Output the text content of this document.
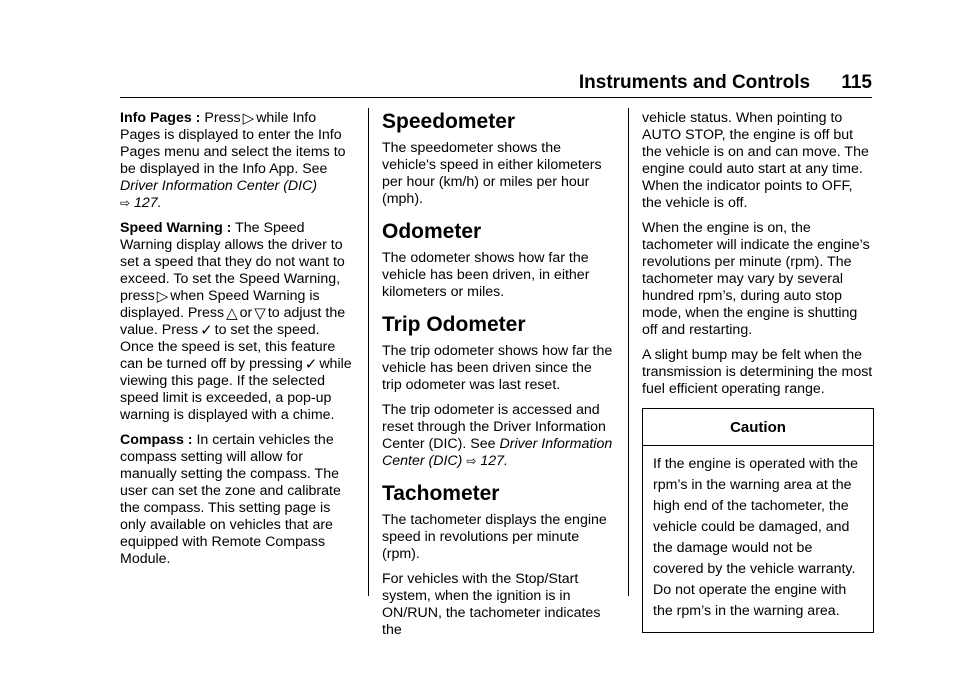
Instruments and Controls 115

Info Pages : Press ▷ while Info Pages is displayed to enter the Info Pages menu and select the items to be displayed in the Info App. See
Driver Information Center (DIC)
⇨ 127.

Speed Warning : The Speed Warning display allows the driver to set a speed that they do not want to exceed. To set the Speed Warning, press ▷ when Speed Warning is displayed. Press △ or ▽ to adjust the value. Press ✓ to set the speed. Once the speed is set, this feature can be turned off by pressing ✓ while viewing this page. If the selected speed limit is exceeded, a pop-up warning is displayed with a chime.

Compass : In certain vehicles the compass setting will allow for manually setting the compass. The user can set the zone and calibrate the compass. This setting page is only available on vehicles that are equipped with Remote Compass Module.

Speedometer

The speedometer shows the vehicle's speed in either kilometers per hour (km/h) or miles per hour (mph).

Odometer

The odometer shows how far the vehicle has been driven, in either kilometers or miles.

Trip Odometer

The trip odometer shows how far the vehicle has been driven since the trip odometer was last reset.

The trip odometer is accessed and reset through the Driver Information Center (DIC). See Driver Information Center (DIC) ⇨ 127.

Tachometer

The tachometer displays the engine speed in revolutions per minute (rpm).

For vehicles with the Stop/Start system, when the ignition is in ON/RUN, the tachometer indicates the

vehicle status. When pointing to AUTO STOP, the engine is off but the vehicle is on and can move. The engine could auto start at any time. When the indicator points to OFF, the vehicle is off.

When the engine is on, the tachometer will indicate the engine’s revolutions per minute (rpm). The tachometer may vary by several hundred rpm’s, during auto stop mode, when the engine is shutting off and restarting.

A slight bump may be felt when the transmission is determining the most fuel efficient operating range.

Caution
If the engine is operated with the rpm’s in the warning area at the high end of the tachometer, the vehicle could be damaged, and the damage would not be covered by the vehicle warranty. Do not operate the engine with the rpm’s in the warning area.
